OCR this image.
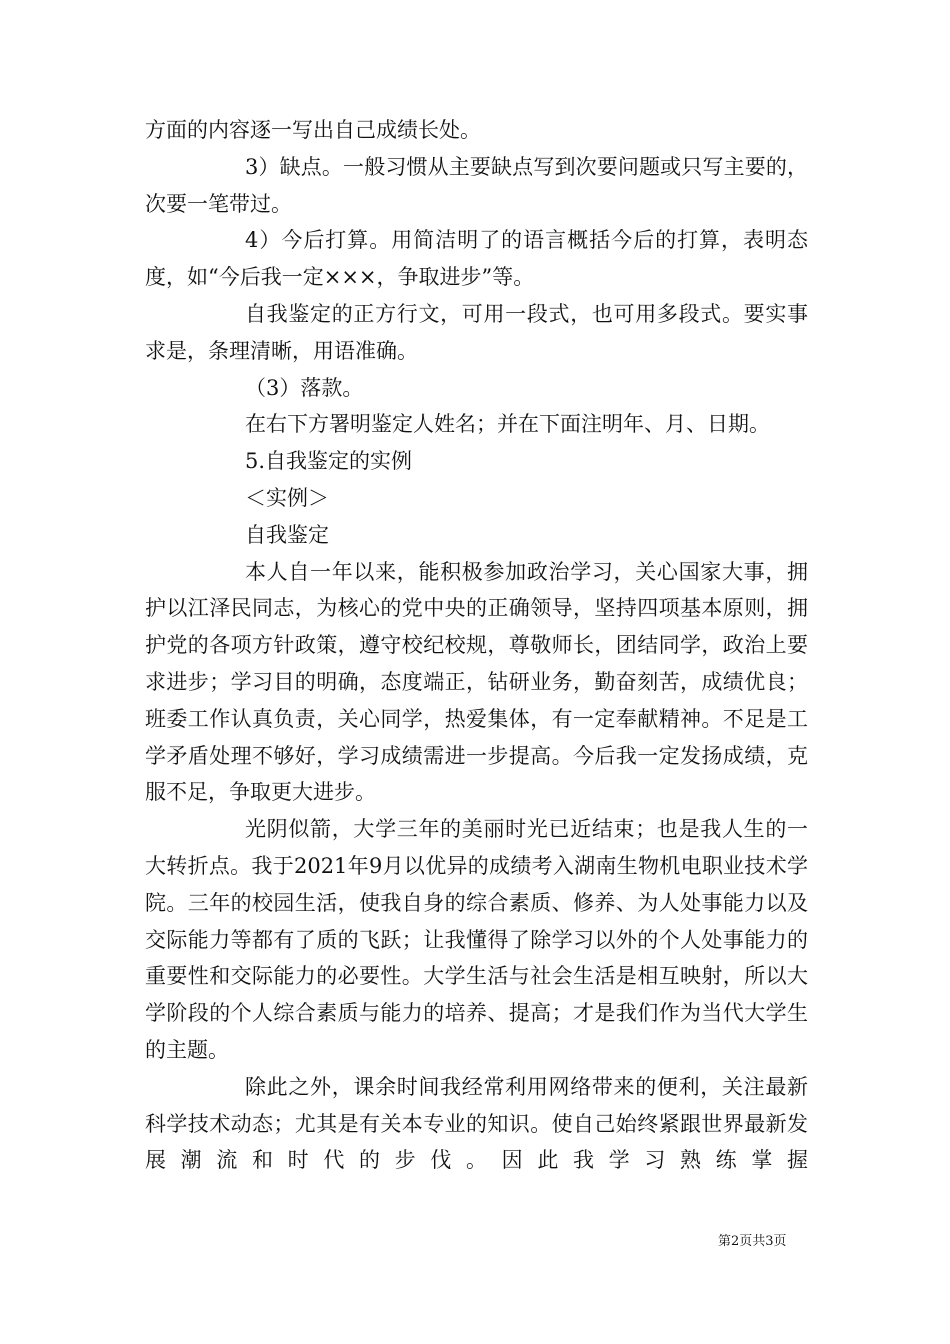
方面的内容逐一写出自己成绩长处。

3）缺点。一般习惯从主要缺点写到次要问题或只写主要的，次要一笔带过。

4）今后打算。用简洁明了的语言概括今后的打算，表明态度，如“今后我一定×××，争取进步”等。

自我鉴定的正方行文，可用一段式，也可用多段式。要实事求是，条理清晰，用语准确。

（3）落款。

在右下方署明鉴定人姓名；并在下面注明年、月、日期。

5.自我鉴定的实例

＜实例＞

自我鉴定

本人自一年以来，能积极参加政治学习，关心国家大事，拥护以江泽民同志，为核心的党中央的正确领导，坚持四项基本原则，拥护党的各项方针政策，遵守校纪校规，尊敬师长，团结同学，政治上要求进步；学习目的明确，态度端正，钻研业务，勤奋刻苦，成绩优良；班委工作认真负责，关心同学，热爱集体，有一定奉献精神。不足是工学矛盾处理不够好，学习成绩需进一步提高。今后我一定发扬成绩，克服不足，争取更大进步。

光阴似箭，大学三年的美丽时光已近结束；也是我人生的一大转折点。我于2021年9月以优异的成绩考入湖南生物机电职业技术学院。三年的校园生活，使我自身的综合素质、修养、为人处事能力以及交际能力等都有了质的飞跃；让我懂得了除学习以外的个人处事能力的重要性和交际能力的必要性。大学生活与社会生活是相互映射，所以大学阶段的个人综合素质与能力的培养、提高；才是我们作为当代大学生的主题。

除此之外，课余时间我经常利用网络带来的便利，关注最新科学技术动态；尤其是有关本专业的知识。使自己始终紧跟世界最新发展潮流和时代的步伐。因此我学习熟练掌握

第2页共3页
